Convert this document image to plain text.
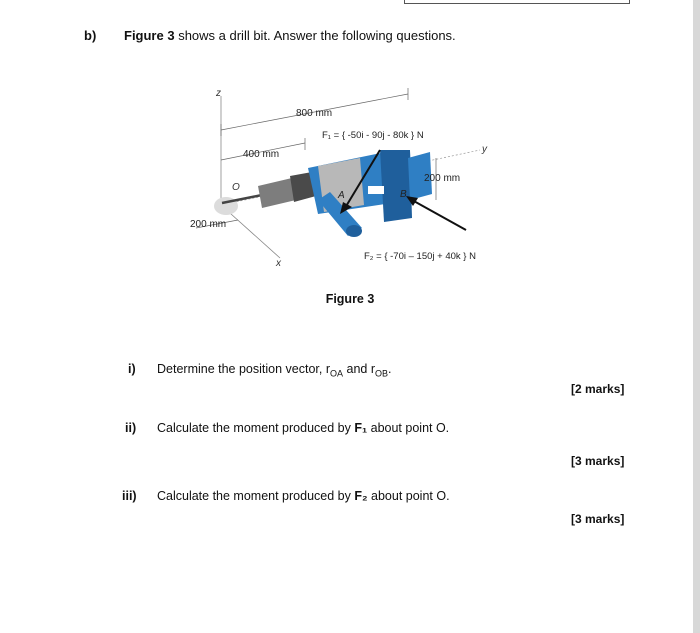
b) Figure 3 shows a drill bit. Answer the following questions.
z
x
y
800 mm
400 mm
F₁ = { -50i - 90j - 80k } N
O
A	B
200 mm
200 mm
F₂ = { -70i – 150j + 40k } N
Figure 3
i) Determine the position vector, $r_{OA}$ and $r_{OB}$.
[2 marks]
ii) Calculate the moment produced by F₁ about point O.
[3 marks]
iii) Calculate the moment produced by F₂ about point O.
[3 marks]
